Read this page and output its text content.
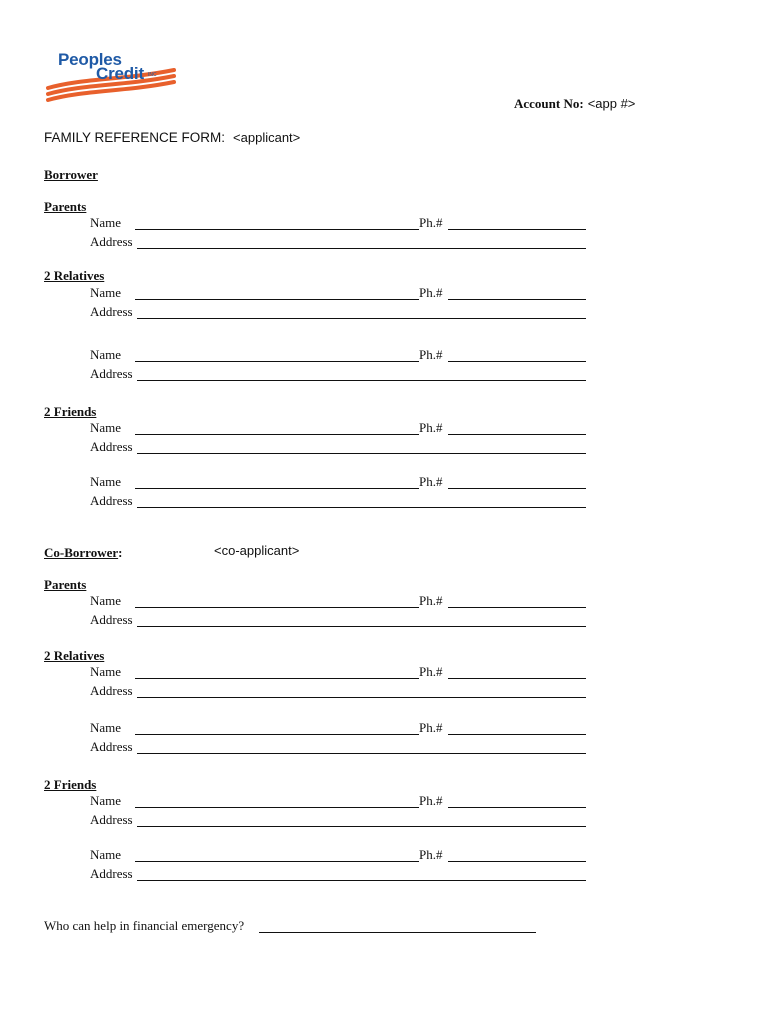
Peoples
Credit INC
Account No: <app #>
FAMILY REFERENCE FORM: <applicant>
Borrower
Parents
Name	Ph.#
Address
2 Relatives
Name	Ph.#
Address
Name	Ph.#
Address
2 Friends
Name	Ph.#
Address
Name	Ph.#
Address
Co-Borrower:	<co-applicant>
Parents
Name	Ph.#
Address
2 Relatives
Name	Ph.#
Address
Name	Ph.#
Address
2 Friends
Name	Ph.#
Address
Name	Ph.#
Address
Who can help in financial emergency?
